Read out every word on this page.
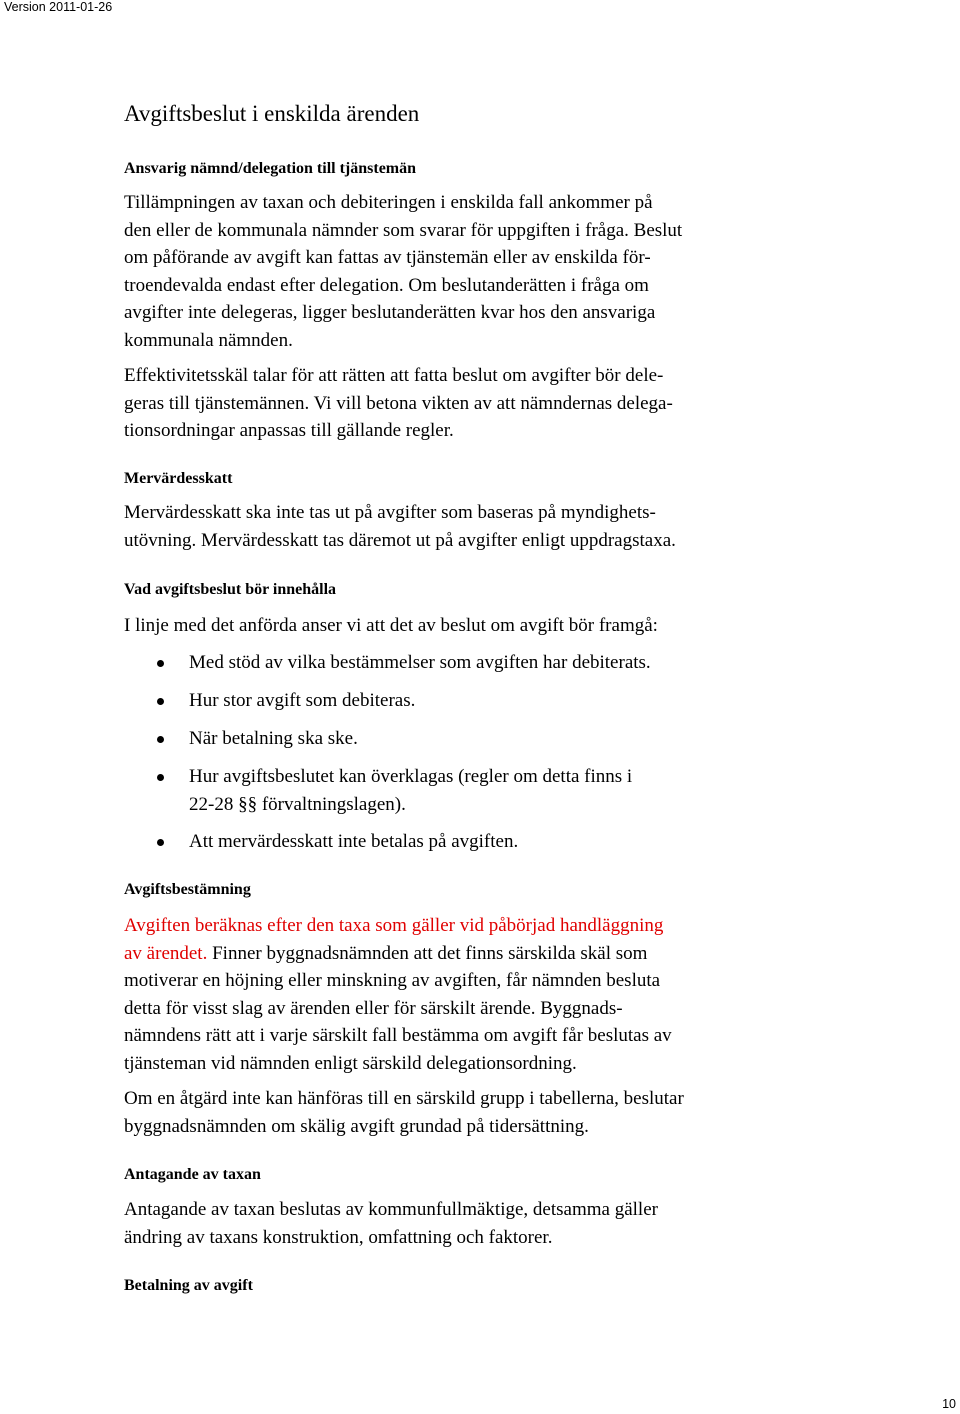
Version 2011-01-26
Avgiftsbeslut i enskilda ärenden
Ansvarig nämnd/delegation till tjänstemän
Tillämpningen av taxan och debiteringen i enskilda fall ankommer på
den eller de kommunala nämnder som svarar för uppgiften i fråga. Beslut
om påförande av avgift kan fattas av tjänstemän eller av enskilda för-
troendevalda endast efter delegation. Om beslutanderätten i fråga om
avgifter inte delegeras, ligger beslutanderätten kvar hos den ansvariga
kommunala nämnden.
Effektivitetsskäl talar för att rätten att fatta beslut om avgifter bör dele-
geras till tjänstemännen. Vi vill betona vikten av att nämndernas delega-
tionsordningar anpassas till gällande regler.
Mervärdesskatt
Mervärdesskatt ska inte tas ut på avgifter som baseras på myndighets-
utövning. Mervärdesskatt tas däremot ut på avgifter enligt uppdragstaxa.
Vad avgiftsbeslut bör innehålla
I linje med det anförda anser vi att det av beslut om avgift bör framgå:
Med stöd av vilka bestämmelser som avgiften har debiterats.
Hur stor avgift som debiteras.
När betalning ska ske.
Hur avgiftsbeslutet kan överklagas (regler om detta finns i
22-28 §§ förvaltningslagen).
Att mervärdesskatt inte betalas på avgiften.
Avgiftsbestämning
Avgiften beräknas efter den taxa som gäller vid påbörjad handläggning
av ärendet. Finner byggnadsnämnden att det finns särskilda skäl som
motiverar en höjning eller minskning av avgiften, får nämnden besluta
detta för visst slag av ärenden eller för särskilt ärende. Byggnads-
nämndens rätt att i varje särskilt fall bestämma om avgift får beslutas av
tjänsteman vid nämnden enligt särskild delegationsordning.
Om en åtgärd inte kan hänföras till en särskild grupp i tabellerna, beslutar
byggnadsnämnden om skälig avgift grundad på tidersättning.
Antagande av taxan
Antagande av taxan beslutas av kommunfullmäktige, detsamma gäller
ändring av taxans konstruktion, omfattning och faktorer.
Betalning av avgift
10
